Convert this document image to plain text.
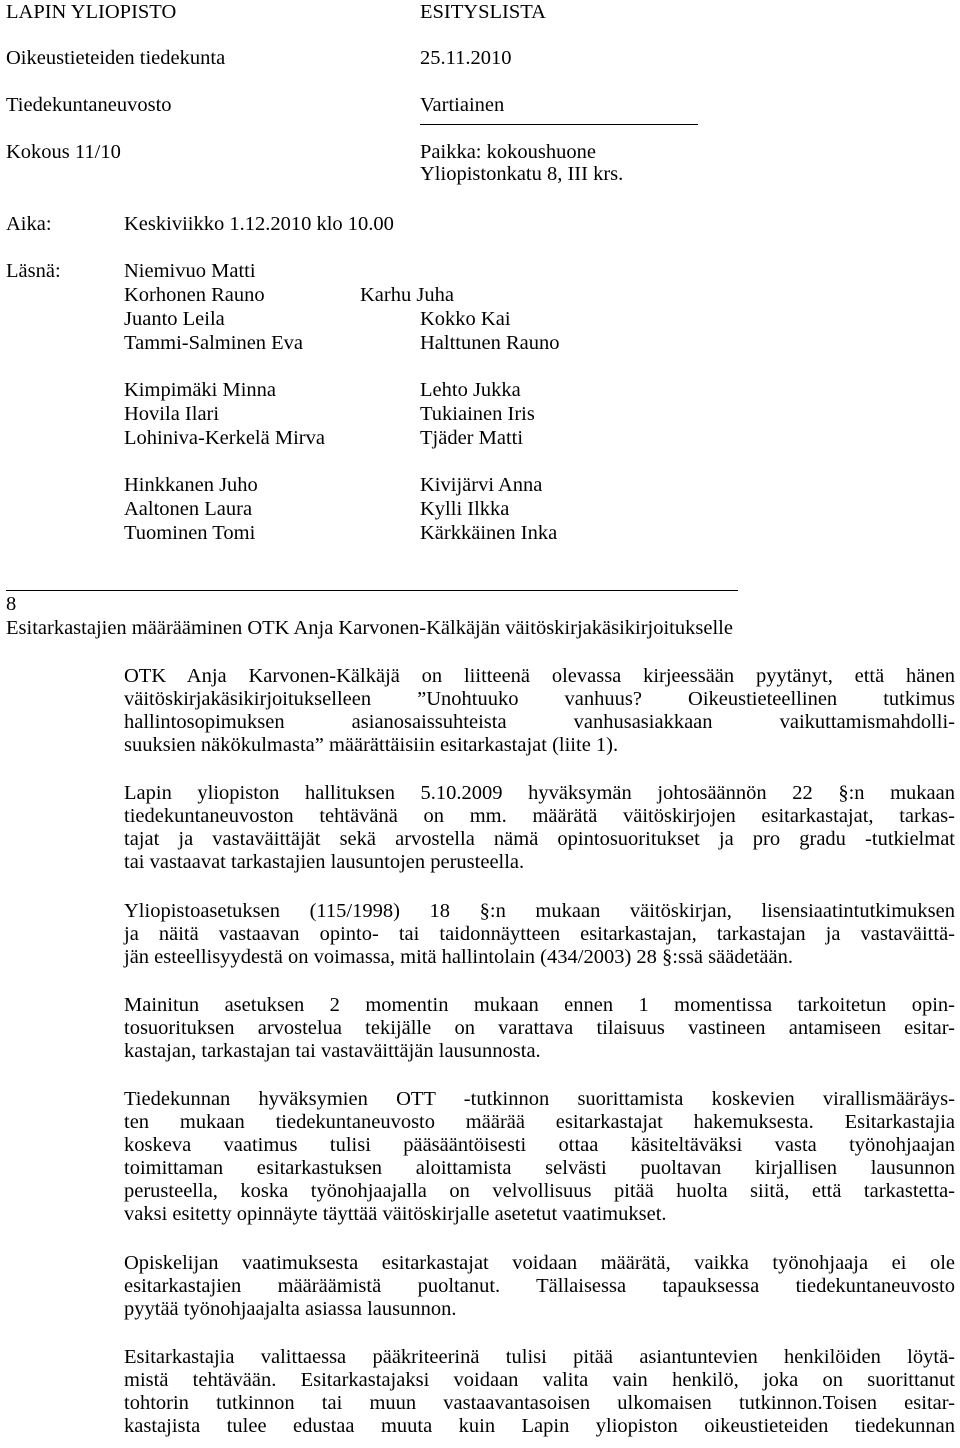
LAPIN YLIOPISTO	ESITYSLISTA
Oikeustieteiden tiedekunta	25.11.2010
Tiedekuntaneuvosto	Vartiainen
Kokous 11/10	Paikka: kokoushuone
Yliopistonkatu 8, III krs.
Aika:	Keskiviikko 1.12.2010 klo 10.00
Läsnä:	Niemivuo Matti
Korhonen Rauno	Karhu Juha
Juanto Leila	Kokko Kai
Tammi-Salminen Eva	Halttunen Rauno
Kimpimäki Minna	Lehto Jukka
Hovila Ilari	Tukiainen Iris
Lohiniva-Kerkelä Mirva	Tjäder Matti
Hinkkanen Juho	Kivijärvi Anna
Aaltonen Laura	Kylli Ilkka
Tuominen Tomi	Kärkkäinen Inka
8
Esitarkastajien määrääminen OTK Anja Karvonen-Kälkäjän väitöskirjakäsikirjoitukselle
OTK Anja Karvonen-Kälkäjä on liitteenä olevassa kirjeessään pyytänyt, että hänen
väitöskirjakäsikirjoitukselleen ”Unohtuuko vanhuus? Oikeustieteellinen tutkimus
hallintosopimuksen asianosaissuhteista vanhusasiakkaan vaikuttamismahdolli-
suuksien näkökulmasta” määrättäisiin esitarkastajat (liite 1).
Lapin yliopiston hallituksen 5.10.2009 hyväksymän johtosäännön 22 §:n mukaan
tiedekuntaneuvoston tehtävänä on mm. määrätä väitöskirjojen esitarkastajat, tarkas-
tajat ja vastaväittäjät sekä arvostella nämä opintosuoritukset ja pro gradu -tutkielmat
tai vastaavat tarkastajien lausuntojen perusteella.
Yliopistoasetuksen (115/1998) 18 §:n mukaan väitöskirjan, lisensiaatintutkimuksen
ja näitä vastaavan opinto- tai taidonnäytteen esitarkastajan, tarkastajan ja vastaväittä-
jän esteellisyydestä on voimassa, mitä hallintolain (434/2003) 28 §:ssä säädetään.
Mainitun asetuksen 2 momentin mukaan ennen 1 momentissa tarkoitetun opin-
tosuorituksen arvostelua tekijälle on varattava tilaisuus vastineen antamiseen esitar-
kastajan, tarkastajan tai vastaväittäjän lausunnosta.
Tiedekunnan hyväksymien OTT -tutkinnon suorittamista koskevien virallismääräys-
ten mukaan tiedekuntaneuvosto määrää esitarkastajat hakemuksesta. Esitarkastajia
koskeva vaatimus tulisi pääsääntöisesti ottaa käsiteltäväksi vasta työnohjaajan
toimittaman esitarkastuksen aloittamista selvästi puoltavan kirjallisen lausunnon
perusteella, koska työnohjaajalla on velvollisuus pitää huolta siitä, että tarkastetta-
vaksi esitetty opinnäyte täyttää väitöskirjalle asetetut vaatimukset.
Opiskelijan vaatimuksesta esitarkastajat voidaan määrätä, vaikka työnohjaaja ei ole
esitarkastajien määräämistä puoltanut. Tällaisessa tapauksessa tiedekuntaneuvosto
pyytää työnohjaajalta asiassa lausunnon.
Esitarkastajia valittaessa pääkriteerinä tulisi pitää asiantuntevien henkilöiden löytä-
mistä tehtävään. Esitarkastajaksi voidaan valita vain henkilö, joka on suorittanut
tohtorin tutkinnon tai muun vastaavantasoisen ulkomaisen tutkinnon.Toisen esitar-
kastajista tulee edustaa muuta kuin Lapin yliopiston oikeustieteiden tiedekunnan
